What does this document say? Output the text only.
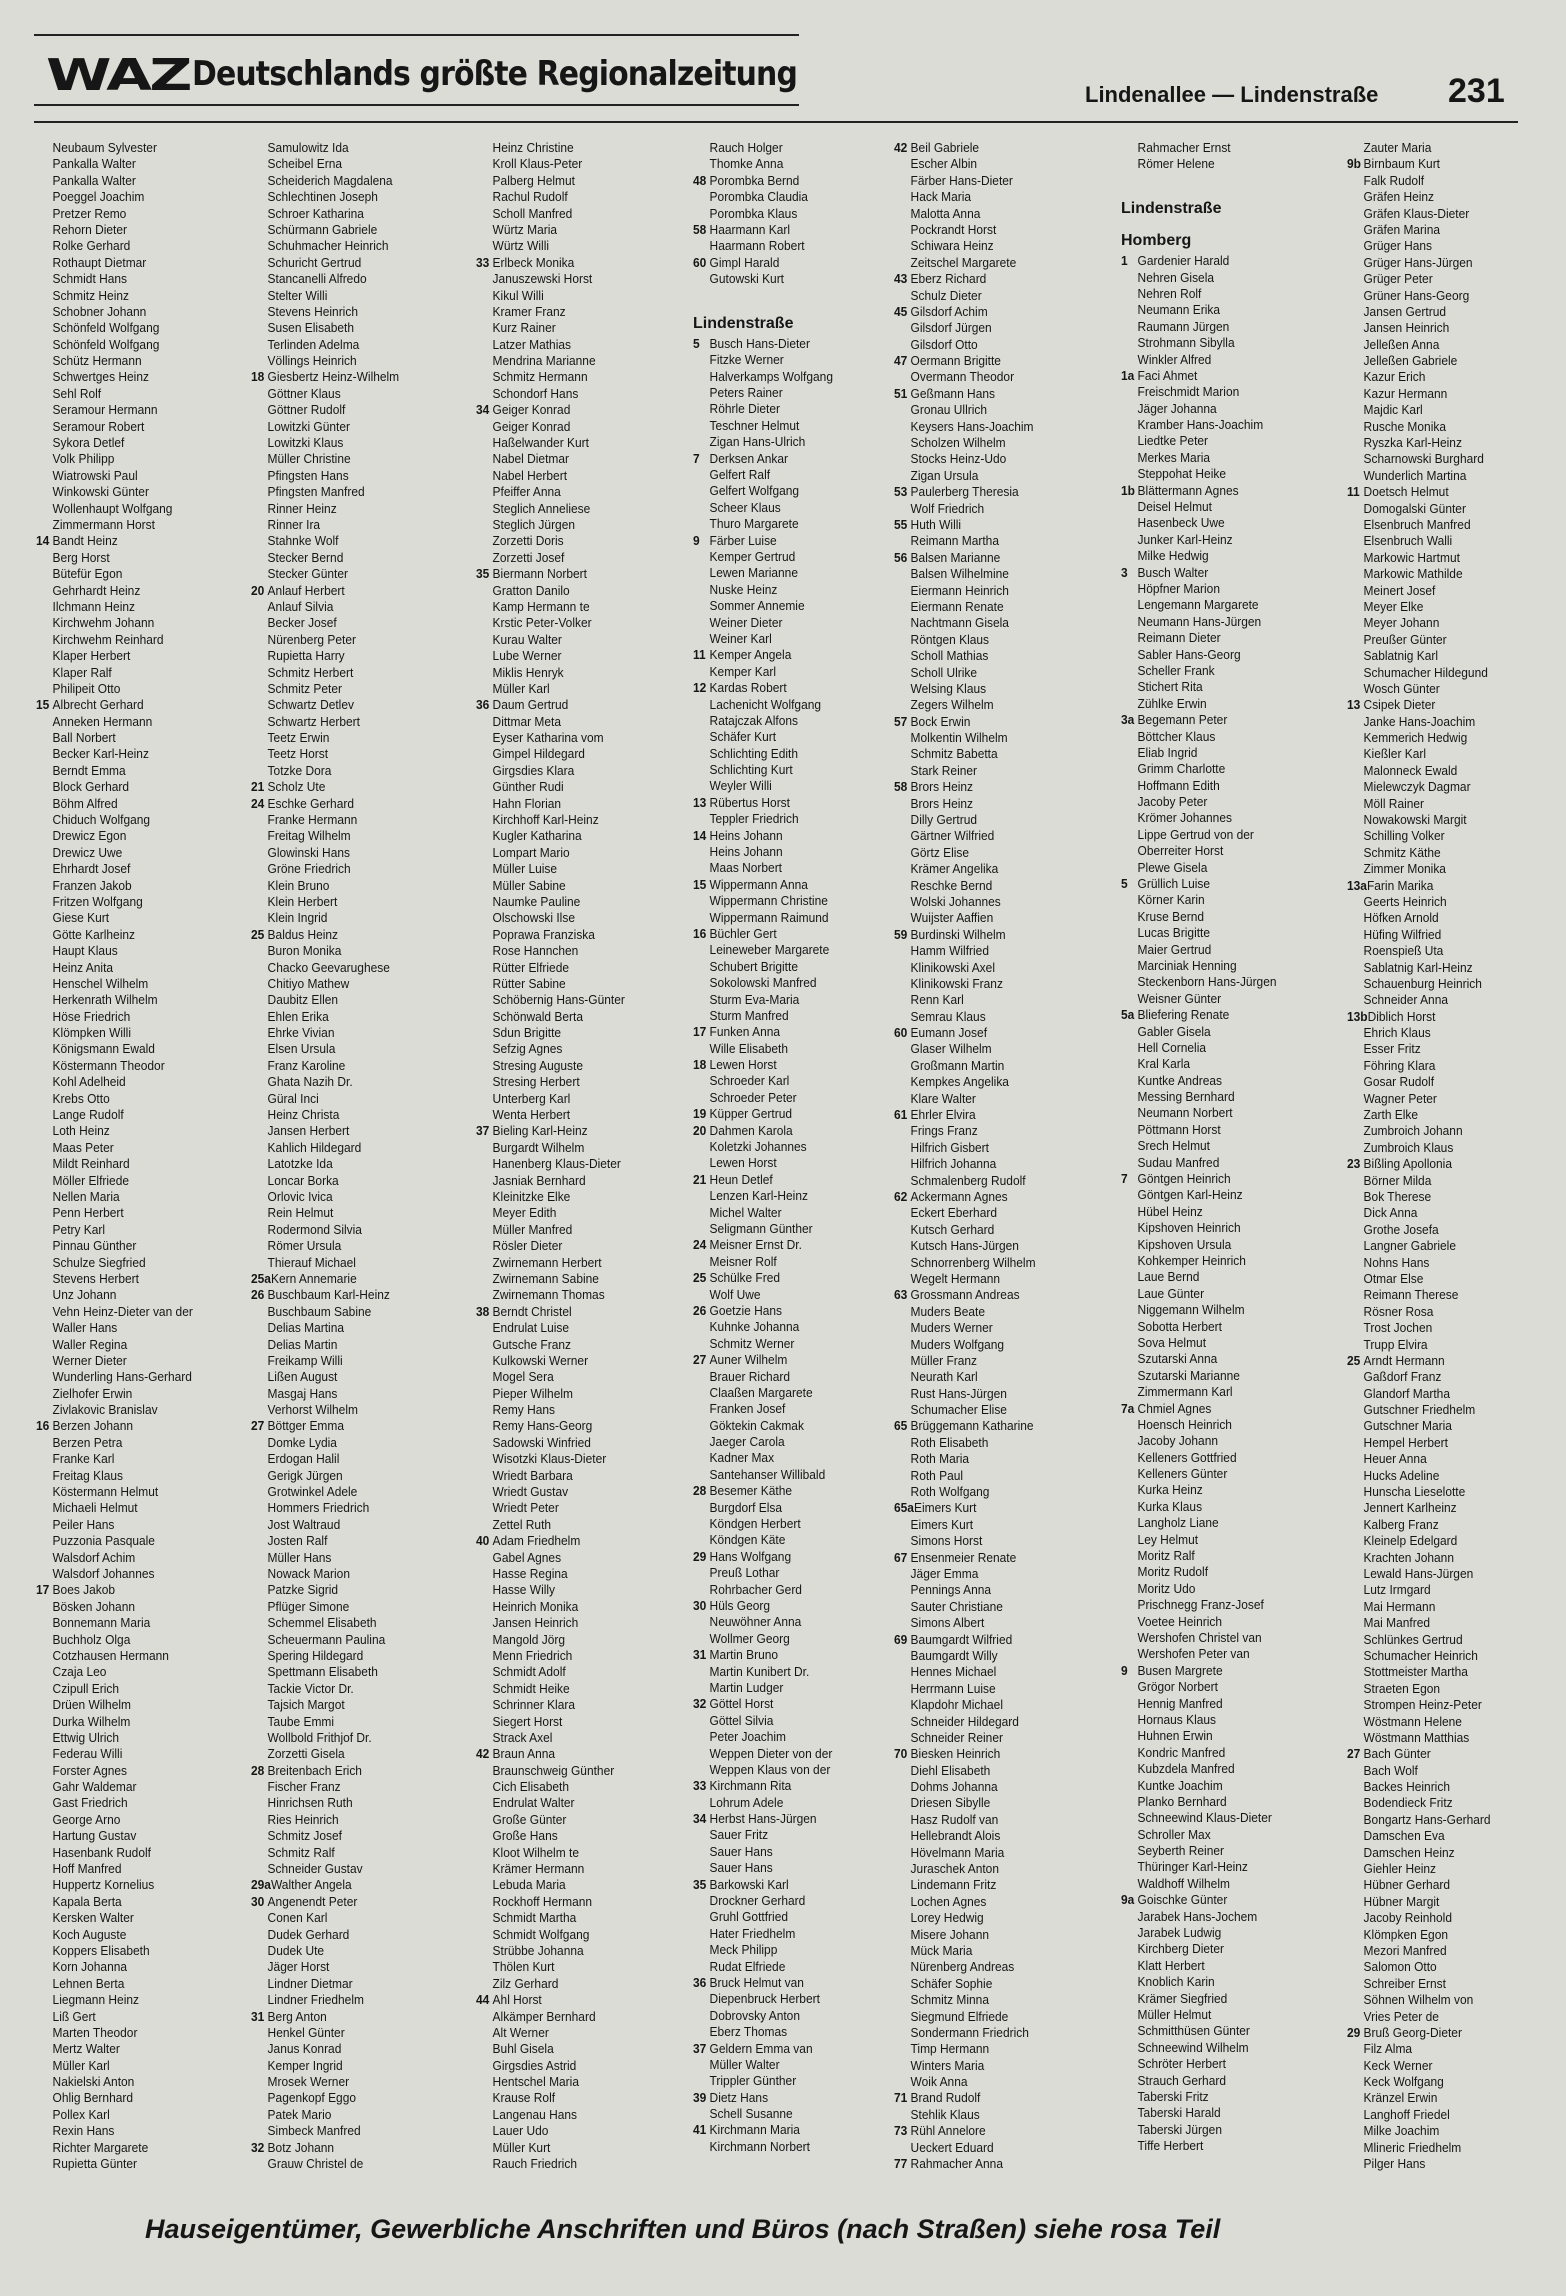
WAZ Deutschlands größte Regionalzeitung
Lindenallee — Lindenstraße 231
Neubaum Sylvester
Pankalla Walter
Pankalla Walter
Poeggel Joachim
Pretzer Remo
Rehorn Dieter
Rolke Gerhard
Rothaupt Dietmar
Schmidt Hans
Schmitz Heinz
Schobner Johann
Schönfeld Wolfgang
Schönfeld Wolfgang
Schütz Hermann
Schwertges Heinz
Sehl Rolf
Seramour Hermann
Seramour Robert
Sykora Detlef
Volk Philipp
Wiatrowski Paul
Winkowski Günter
Wollenhaupt Wolfgang
Zimmermann Horst
14Bandt Heinz
Berg Horst
Bütefür Egon
Gehrhardt Heinz
Ilchmann Heinz
Kirchwehm Johann
Kirchwehm Reinhard
Klaper Herbert
Klaper Ralf
Philipeit Otto
15Albrecht Gerhard
Anneken Hermann
Ball Norbert
Becker Karl-Heinz
Berndt Emma
Block Gerhard
Böhm Alfred
Chiduch Wolfgang
Drewicz Egon
Drewicz Uwe
Ehrhardt Josef
Franzen Jakob
Fritzen Wolfgang
Giese Kurt
Götte Karlheinz
Haupt Klaus
Heinz Anita
Henschel Wilhelm
Herkenrath Wilhelm
Höse Friedrich
Klömpken Willi
Königsmann Ewald
Köstermann Theodor
Kohl Adelheid
Krebs Otto
Lange Rudolf
Loth Heinz
Maas Peter
Mildt Reinhard
Möller Elfriede
Nellen Maria
Penn Herbert
Petry Karl
Pinnau Günther
Schulze Siegfried
Stevens Herbert
Unz Johann
Vehn Heinz-Dieter van der
Waller Hans
Waller Regina
Werner Dieter
Wunderling Hans-Gerhard
Zielhofer Erwin
Zivlakovic Branislav
16Berzen Johann
Berzen Petra
Franke Karl
Freitag Klaus
Köstermann Helmut
Michaeli Helmut
Peiler Hans
Puzzonia Pasquale
Walsdorf Achim
Walsdorf Johannes
17Boes Jakob
Bösken Johann
Bonnemann Maria
Buchholz Olga
Cotzhausen Hermann
Czaja Leo
Czipull Erich
Drüen Wilhelm
Durka Wilhelm
Ettwig Ulrich
Federau Willi
Forster Agnes
Gahr Waldemar
Gast Friedrich
George Arno
Hartung Gustav
Hasenbank Rudolf
Hoff Manfred
Huppertz Kornelius
Kapala Berta
Kersken Walter
Koch Auguste
Koppers Elisabeth
Korn Johanna
Lehnen Berta
Liegmann Heinz
Liß Gert
Marten Theodor
Mertz Walter
Müller Karl
Nakielski Anton
Ohlig Bernhard
Pollex Karl
Rexin Hans
Richter Margarete
Rupietta Günter
Samulowitz Ida
Scheibel Erna
Scheiderich Magdalena
Schlechtinen Joseph
Schroer Katharina
Schürmann Gabriele
Schuhmacher Heinrich
Schuricht Gertrud
Stancanelli Alfredo
Stelter Willi
Stevens Heinrich
Susen Elisabeth
Terlinden Adelma
Völlings Heinrich
18Giesbertz Heinz-Wilhelm
Göttner Klaus
Göttner Rudolf
Lowitzki Günter
Lowitzki Klaus
Müller Christine
Pfingsten Hans
Pfingsten Manfred
Rinner Heinz
Rinner Ira
Stahnke Wolf
Stecker Bernd
Stecker Günter
20Anlauf Herbert
Anlauf Silvia
Becker Josef
Nürenberg Peter
Rupietta Harry
Schmitz Herbert
Schmitz Peter
Schwartz Detlev
Schwartz Herbert
Teetz Erwin
Teetz Horst
Totzke Dora
21Scholz Ute
24Eschke Gerhard
Franke Hermann
Freitag Wilhelm
Glowinski Hans
Gröne Friedrich
Klein Bruno
Klein Herbert
Klein Ingrid
25Baldus Heinz
Buron Monika
Chacko Geevarughese
Chitiyo Mathew
Daubitz Ellen
Ehlen Erika
Ehrke Vivian
Elsen Ursula
Franz Karoline
Ghata Nazih Dr.
Güral Inci
Heinz Christa
Jansen Herbert
Kahlich Hildegard
Latotzke Ida
Loncar Borka
Orlovic Ivica
Rein Helmut
Rodermond Silvia
Römer Ursula
Thierauf Michael
25aKern Annemarie
26Buschbaum Karl-Heinz
Buschbaum Sabine
Delias Martina
Delias Martin
Freikamp Willi
Lißen August
Masgaj Hans
Verhorst Wilhelm
27Böttger Emma
Domke Lydia
Erdogan Halil
Gerigk Jürgen
Grotwinkel Adele
Hommers Friedrich
Jost Waltraud
Josten Ralf
Müller Hans
Nowack Marion
Patzke Sigrid
Pflüger Simone
Schemmel Elisabeth
Scheuermann Paulina
Spering Hildegard
Spettmann Elisabeth
Tackie Victor Dr.
Tajsich Margot
Taube Emmi
Wollbold Frithjof Dr.
Zorzetti Gisela
28Breitenbach Erich
Fischer Franz
Hinrichsen Ruth
Ries Heinrich
Schmitz Josef
Schmitz Ralf
Schneider Gustav
29aWalther Angela
30Angenendt Peter
Conen Karl
Dudek Gerhard
Dudek Ute
Jäger Horst
Lindner Dietmar
Lindner Friedhelm
31Berg Anton
Henkel Günter
Janus Konrad
Kemper Ingrid
Mrosek Werner
Pagenkopf Eggo
Patek Mario
Simbeck Manfred
32Botz Johann
Grauw Christel de
Heinz Christine
Kroll Klaus-Peter
Palberg Helmut
Rachul Rudolf
Scholl Manfred
Würtz Maria
Würtz Willi
33Erlbeck Monika
Januszewski Horst
Kikul Willi
Kramer Franz
Kurz Rainer
Latzer Mathias
Mendrina Marianne
Schmitz Hermann
Schondorf Hans
34Geiger Konrad
Geiger Konrad
Haßelwander Kurt
Nabel Dietmar
Nabel Herbert
Pfeiffer Anna
Steglich Anneliese
Steglich Jürgen
Zorzetti Doris
Zorzetti Josef
35Biermann Norbert
Gratton Danilo
Kamp Hermann te
Krstic Peter-Volker
Kurau Walter
Lube Werner
Miklis Henryk
Müller Karl
36Daum Gertrud
Dittmar Meta
Eyser Katharina vom
Gimpel Hildegard
Girgsdies Klara
Günther Rudi
Hahn Florian
Kirchhoff Karl-Heinz
Kugler Katharina
Lompart Mario
Müller Luise
Müller Sabine
Naumke Pauline
Olschowski Ilse
Poprawa Franziska
Rose Hannchen
Rütter Elfriede
Rütter Sabine
Schöbernig Hans-Günter
Schönwald Berta
Sdun Brigitte
Sefzig Agnes
Stresing Auguste
Stresing Herbert
Unterberg Karl
Wenta Herbert
37Bieling Karl-Heinz
Burgardt Wilhelm
Hanenberg Klaus-Dieter
Jasniak Bernhard
Kleinitzke Elke
Meyer Edith
Müller Manfred
Rösler Dieter
Zwirnemann Herbert
Zwirnemann Sabine
Zwirnemann Thomas
38Berndt Christel
Endrulat Luise
Gutsche Franz
Kulkowski Werner
Mogel Sera
Pieper Wilhelm
Remy Hans
Remy Hans-Georg
Sadowski Winfried
Wisotzki Klaus-Dieter
Wriedt Barbara
Wriedt Gustav
Wriedt Peter
Zettel Ruth
40Adam Friedhelm
Gabel Agnes
Hasse Regina
Hasse Willy
Heinrich Monika
Jansen Heinrich
Mangold Jörg
Menn Friedrich
Schmidt Adolf
Schmidt Heike
Schrinner Klara
Siegert Horst
Strack Axel
42Braun Anna
Braunschweig Günther
Cich Elisabeth
Endrulat Walter
Große Günter
Große Hans
Kloot Wilhelm te
Krämer Hermann
Lebuda Maria
Rockhoff Hermann
Schmidt Martha
Schmidt Wolfgang
Strübbe Johanna
Thölen Kurt
Zilz Gerhard
44Ahl Horst
Alkämper Bernhard
Alt Werner
Buhl Gisela
Girgsdies Astrid
Hentschel Maria
Krause Rolf
Langenau Hans
Lauer Udo
Müller Kurt
Rauch Friedrich
Rauch Holger
Thomke Anna
48Porombka Bernd
Porombka Claudia
Porombka Klaus
58Haarmann Karl
Haarmann Robert
60Gimpl Harald
Gutowski Kurt
Lindenstraße
5Busch Hans-Dieter
Fitzke Werner
Halverkamps Wolfgang
Peters Rainer
Röhrle Dieter
Teschner Helmut
Zigan Hans-Ulrich
7Derksen Ankar
Gelfert Ralf
Gelfert Wolfgang
Scheer Klaus
Thuro Margarete
9Färber Luise
Kemper Gertrud
Lewen Marianne
Nuske Heinz
Sommer Annemie
Weiner Dieter
Weiner Karl
11Kemper Angela
Kemper Karl
12Kardas Robert
Lachenicht Wolfgang
Ratajczak Alfons
Schäfer Kurt
Schlichting Edith
Schlichting Kurt
Weyler Willi
13Rübertus Horst
Teppler Friedrich
14Heins Johann
Heins Johann
Maas Norbert
15Wippermann Anna
Wippermann Christine
Wippermann Raimund
16Büchler Gert
Leineweber Margarete
Schubert Brigitte
Sokolowski Manfred
Sturm Eva-Maria
Sturm Manfred
17Funken Anna
Wille Elisabeth
18Lewen Horst
Schroeder Karl
Schroeder Peter
19Küpper Gertrud
20Dahmen Karola
Koletzki Johannes
Lewen Horst
21Heun Detlef
Lenzen Karl-Heinz
Michel Walter
Seligmann Günther
24Meisner Ernst Dr.
Meisner Rolf
25Schülke Fred
Wolf Uwe
26Goetzie Hans
Kuhnke Johanna
Schmitz Werner
27Auner Wilhelm
Brauer Richard
Claaßen Margarete
Franken Josef
Göktekin Cakmak
Jaeger Carola
Kadner Max
Santehanser Willibald
28Besemer Käthe
Burgdorf Elsa
Köndgen Herbert
Köndgen Käte
29Hans Wolfgang
Preuß Lothar
Rohrbacher Gerd
30Hüls Georg
Neuwöhner Anna
Wollmer Georg
31Martin Bruno
Martin Kunibert Dr.
Martin Ludger
32Göttel Horst
Göttel Silvia
Peter Joachim
Weppen Dieter von der
Weppen Klaus von der
33Kirchmann Rita
Lohrum Adele
34Herbst Hans-Jürgen
Sauer Fritz
Sauer Hans
Sauer Hans
35Barkowski Karl
Drockner Gerhard
Gruhl Gottfried
Hater Friedhelm
Meck Philipp
Rudat Elfriede
36Bruck Helmut van
Diepenbruck Herbert
Dobrovsky Anton
Eberz Thomas
37Geldern Emma van
Müller Walter
Trippler Günther
39Dietz Hans
Schell Susanne
41Kirchmann Maria
Kirchmann Norbert
42Beil Gabriele
Escher Albin
Färber Hans-Dieter
Hack Maria
Malotta Anna
Pockrandt Horst
Schiwara Heinz
Zeitschel Margarete
43Eberz Richard
Schulz Dieter
45Gilsdorf Achim
Gilsdorf Jürgen
Gilsdorf Otto
47Oermann Brigitte
Overmann Theodor
51Geßmann Hans
Gronau Ullrich
Keysers Hans-Joachim
Scholzen Wilhelm
Stocks Heinz-Udo
Zigan Ursula
53Paulerberg Theresia
Wolf Friedrich
55Huth Willi
Reimann Martha
56Balsen Marianne
Balsen Wilhelmine
Eiermann Heinrich
Eiermann Renate
Nachtmann Gisela
Röntgen Klaus
Scholl Mathias
Scholl Ulrike
Welsing Klaus
Zegers Wilhelm
57Bock Erwin
Molkentin Wilhelm
Schmitz Babetta
Stark Reiner
58Brors Heinz
Brors Heinz
Dilly Gertrud
Gärtner Wilfried
Görtz Elise
Krämer Angelika
Reschke Bernd
Wolski Johannes
Wuijster Aaffien
59Burdinski Wilhelm
Hamm Wilfried
Klinikowski Axel
Klinikowski Franz
Renn Karl
Semrau Klaus
60Eumann Josef
Glaser Wilhelm
Großmann Martin
Kempkes Angelika
Klare Walter
61Ehrler Elvira
Frings Franz
Hilfrich Gisbert
Hilfrich Johanna
Schmalenberg Rudolf
62Ackermann Agnes
Eckert Eberhard
Kutsch Gerhard
Kutsch Hans-Jürgen
Schnorrenberg Wilhelm
Wegelt Hermann
63Grossmann Andreas
Muders Beate
Muders Werner
Muders Wolfgang
Müller Franz
Neurath Karl
Rust Hans-Jürgen
Schumacher Elise
65Brüggemann Katharine
Roth Elisabeth
Roth Maria
Roth Paul
Roth Wolfgang
65aEimers Kurt
Eimers Kurt
Simons Horst
67Ensenmeier Renate
Jäger Emma
Pennings Anna
Sauter Christiane
Simons Albert
69Baumgardt Wilfried
Baumgardt Willy
Hennes Michael
Herrmann Luise
Klapdohr Michael
Schneider Hildegard
Schneider Reiner
70Biesken Heinrich
Diehl Elisabeth
Dohms Johanna
Driesen Sibylle
Hasz Rudolf van
Hellebrandt Alois
Hövelmann Maria
Juraschek Anton
Lindemann Fritz
Lochen Agnes
Lorey Hedwig
Misere Johann
Mück Maria
Nürenberg Andreas
Schäfer Sophie
Schmitz Minna
Siegmund Elfriede
Sondermann Friedrich
Timp Hermann
Winters Maria
Woik Anna
71Brand Rudolf
Stehlik Klaus
73Rühl Annelore
Ueckert Eduard
77Rahmacher Anna
Rahmacher Ernst
Römer Helene
Lindenstraße
Homberg
1Gardenier Harald
Nehren Gisela
Nehren Rolf
Neumann Erika
Raumann Jürgen
Strohmann Sibylla
Winkler Alfred
1aFaci Ahmet
Freischmidt Marion
Jäger Johanna
Kramber Hans-Joachim
Liedtke Peter
Merkes Maria
Steppohat Heike
1bBlättermann Agnes
Deisel Helmut
Hasenbeck Uwe
Junker Karl-Heinz
Milke Hedwig
3Busch Walter
Höpfner Marion
Lengemann Margarete
Neumann Hans-Jürgen
Reimann Dieter
Sabler Hans-Georg
Scheller Frank
Stichert Rita
Zühlke Erwin
3aBegemann Peter
Böttcher Klaus
Eliab Ingrid
Grimm Charlotte
Hoffmann Edith
Jacoby Peter
Krömer Johannes
Lippe Gertrud von der
Oberreiter Horst
Plewe Gisela
5Grüllich Luise
Körner Karin
Kruse Bernd
Lucas Brigitte
Maier Gertrud
Marciniak Henning
Steckenborn Hans-Jürgen
Weisner Günter
5aBliefering Renate
Gabler Gisela
Hell Cornelia
Kral Karla
Kuntke Andreas
Messing Bernhard
Neumann Norbert
Pöttmann Horst
Srech Helmut
Sudau Manfred
7Göntgen Heinrich
Göntgen Karl-Heinz
Hübel Heinz
Kipshoven Heinrich
Kipshoven Ursula
Kohkemper Heinrich
Laue Bernd
Laue Günter
Niggemann Wilhelm
Sobotta Herbert
Sova Helmut
Szutarski Anna
Szutarski Marianne
Zimmermann Karl
7aChmiel Agnes
Hoensch Heinrich
Jacoby Johann
Kelleners Gottfried
Kelleners Günter
Kurka Heinz
Kurka Klaus
Langholz Liane
Ley Helmut
Moritz Ralf
Moritz Rudolf
Moritz Udo
Prischnegg Franz-Josef
Voetee Heinrich
Wershofen Christel van
Wershofen Peter van
9Busen Margrete
Grögor Norbert
Hennig Manfred
Hornaus Klaus
Huhnen Erwin
Kondric Manfred
Kubzdela Manfred
Kuntke Joachim
Planko Bernhard
Schneewind Klaus-Dieter
Schroller Max
Seyberth Reiner
Thüringer Karl-Heinz
Waldhoff Wilhelm
9aGoischke Günter
Jarabek Hans-Jochem
Jarabek Ludwig
Kirchberg Dieter
Klatt Herbert
Knoblich Karin
Krämer Siegfried
Müller Helmut
Schmitthüsen Günter
Schneewind Wilhelm
Schröter Herbert
Strauch Gerhard
Taberski Fritz
Taberski Harald
Taberski Jürgen
Tiffe Herbert
Zauter Maria
9bBirnbaum Kurt
Falk Rudolf
Gräfen Heinz
Gräfen Klaus-Dieter
Gräfen Marina
Grüger Hans
Grüger Hans-Jürgen
Grüger Peter
Grüner Hans-Georg
Jansen Gertrud
Jansen Heinrich
Jelleßen Anna
Jelleßen Gabriele
Kazur Erich
Kazur Hermann
Majdic Karl
Rusche Monika
Ryszka Karl-Heinz
Scharnowski Burghard
Wunderlich Martina
11Doetsch Helmut
Domogalski Günter
Elsenbruch Manfred
Elsenbruch Walli
Markowic Hartmut
Markowic Mathilde
Meinert Josef
Meyer Elke
Meyer Johann
Preußer Günter
Sablatnig Karl
Schumacher Hildegund
Wosch Günter
13Csipek Dieter
Janke Hans-Joachim
Kemmerich Hedwig
Kießler Karl
Malonneck Ewald
Mielewczyk Dagmar
Möll Rainer
Nowakowski Margit
Schilling Volker
Schmitz Käthe
Zimmer Monika
13aFarin Marika
Geerts Heinrich
Höfken Arnold
Hüfing Wilfried
Roenspieß Uta
Sablatnig Karl-Heinz
Schauenburg Heinrich
Schneider Anna
13bDiblich Horst
Ehrich Klaus
Esser Fritz
Föhring Klara
Gosar Rudolf
Wagner Peter
Zarth Elke
Zumbroich Johann
Zumbroich Klaus
23Bißling Apollonia
Börner Milda
Bok Therese
Dick Anna
Grothe Josefa
Langner Gabriele
Nohns Hans
Otmar Else
Reimann Therese
Rösner Rosa
Trost Jochen
Trupp Elvira
25Arndt Hermann
Gaßdorf Franz
Glandorf Martha
Gutschner Friedhelm
Gutschner Maria
Hempel Herbert
Heuer Anna
Hucks Adeline
Hunscha Lieselotte
Jennert Karlheinz
Kalberg Franz
Kleinelp Edelgard
Krachten Johann
Lewald Hans-Jürgen
Lutz Irmgard
Mai Hermann
Mai Manfred
Schlünkes Gertrud
Schumacher Heinrich
Stottmeister Martha
Straeten Egon
Strompen Heinz-Peter
Wöstmann Helene
Wöstmann Matthias
27Bach Günter
Bach Wolf
Backes Heinrich
Bodendieck Fritz
Bongartz Hans-Gerhard
Damschen Eva
Damschen Heinz
Giehler Heinz
Hübner Gerhard
Hübner Margit
Jacoby Reinhold
Klömpken Egon
Mezori Manfred
Salomon Otto
Schreiber Ernst
Söhnen Wilhelm von
Vries Peter de
29Bruß Georg-Dieter
Filz Alma
Keck Werner
Keck Wolfgang
Kränzel Erwin
Langhoff Friedel
Milke Joachim
Mlineric Friedhelm
Pilger Hans
Hauseigentümer, Gewerbliche Anschriften und Büros (nach Straßen) siehe rosa Teil
